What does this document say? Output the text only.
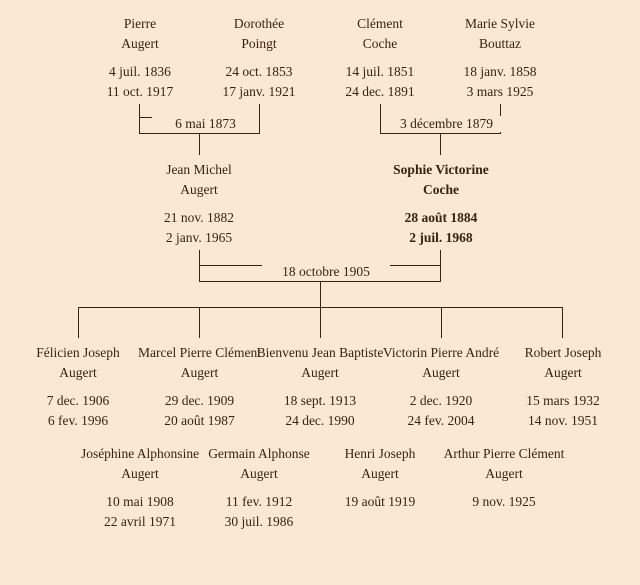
Pierre
Augert
4 juil. 1836
11 oct. 1917
Dorothée
Poingt
24 oct. 1853
17 janv. 1921
Clément
Coche
14 juil. 1851
24 dec. 1891
Marie Sylvie
Bouttaz
18 janv. 1858
3 mars 1925
6 mai 1873	3 décembre 1879
Jean Michel
Augert
21 nov. 1882
2 janv. 1965
Sophie Victorine
Coche
28 août 1884
2 juil. 1968
18 octobre 1905
Félicien Joseph
Augert
7 dec. 1906
6 fev. 1996
Marcel Pierre Clément
Augert
29 dec. 1909
20 août 1987
Bienvenu Jean Baptiste
Augert
18 sept. 1913
24 dec. 1990
Victorin Pierre André
Augert
2 dec. 1920
24 fev. 2004
Robert Joseph
Augert
15 mars 1932
14 nov. 1951
Joséphine Alphonsine
Augert
10 mai 1908
22 avril 1971
Germain Alphonse
Augert
11 fev. 1912
30 juil. 1986
Henri Joseph
Augert
19 août 1919
Arthur Pierre Clément
Augert
9 nov. 1925
